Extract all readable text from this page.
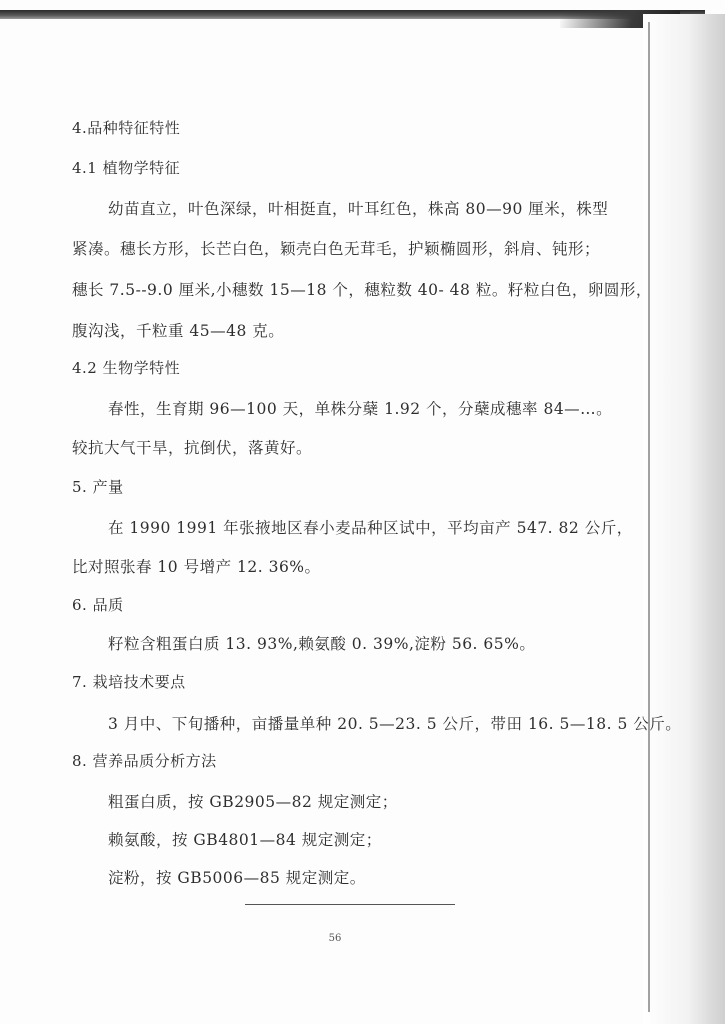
4.品种特征特性

4.1 植物学特征

幼苗直立，叶色深绿，叶相挺直，叶耳红色，株高 80—90 厘米，株型

紧凑。穗长方形，长芒白色，颖壳白色无茸毛，护颖椭圆形，斜肩、钝形；

穗长 7.5--9.0 厘米,小穗数 15—18 个，穗粒数 40- 48 粒。籽粒白色，卵圆形，

腹沟浅，千粒重 45—48 克。

4.2 生物学特性

春性，生育期 96—100 天，单株分蘖 1.92 个，分蘖成穗率 84—…。

较抗大气干旱，抗倒伏，落黄好。

5. 产量

在 1990 1991 年张掖地区春小麦品种区试中，平均亩产 547. 82 公斤，

比对照张春 10 号增产 12. 36%。

6. 品质

籽粒含粗蛋白质 13. 93%,赖氨酸 0. 39%,淀粉 56. 65%。

7. 栽培技术要点

3 月中、下旬播种，亩播量单种 20. 5—23. 5 公斤，带田 16. 5—18. 5 公斤。

8. 营养品质分析方法

粗蛋白质，按 GB2905—82 规定测定；

赖氨酸，按 GB4801—84 规定测定；

淀粉，按 GB5006—85 规定测定。

56
